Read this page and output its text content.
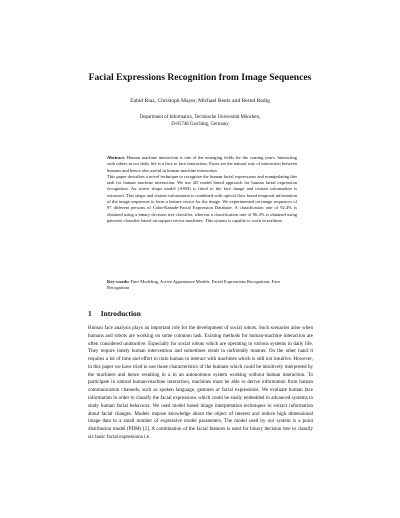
Facial Expressions Recognition from Image Sequences
Zahid Riaz, Christoph Mayer, Michael Beetz and Bernd Radig
Department of Informatics, Technische Universität München,
D-85748 Garching, Germany

Abstract. Human machine interaction is one of the emerging fields for the coming years. Interacting with others in our daily life is a face to face interaction. Faces are the natural way of interaction between humans and hence also useful in human machine interaction.

This paper describes a novel technique to recognize the human facial expressions and manipulating this task for human machine interaction. We use 2D model based approach for human facial expression recognition. An active shape model (ASM) is fitted to the face image and texture information is extracted. This shape and texture information is combined with optical flow based temporal information of the image sequences to form a feature vector for the image. We experimented on image sequences of 97 different persons of Cohn-Kanade-Facial Expression Database. A classification rate of 92.4% is obtained using a binary decision tree classifier, whereas a classification rate of 96.4% is obtained using pairwise classifier based on support vector machines. This system is capable to work in realtime.

Key words: Face Modeling, Active Appearance Models, Facial Expressions Recognition, Face Recognition
1 Introduction

Human face analysis plays an important role for the development of social robots. Such scenarios arise when humans and robots are working on some common task. Existing methods for human-machine interaction are often considered unintuitive. Especially for social robots which are operating in various systems in daily life. They require lonely human intervention and sometimes result in unfriendly manner. On the other hand it requires a lot of time and effort to train human to interact with machines which is still not intuitive. However, in this paper we have tried to use those characteristics of the humans which could be intuitively interpreted by the machines and hence resulting in a in an autonomous system working without human interaction. To participate in natural human-machine interaction, machines must be able to derive information from human communication channels, such as spoken language, gestures or facial expressions. We evaluate human face information in order to classify the facial expressions which could be easily embedded in advanced systems to study human facial behaviors. We used model based image interpretation techniques to extract information about facial changes. Models impose knowledge about the object of interest and reduce high dimensional image data to a small number of expressive model parameters. The model used by our system is a point distribution model (PDM) [2]. A combination of the facial features is used for binary decision tree to classify six basic facial expressions i.e.
